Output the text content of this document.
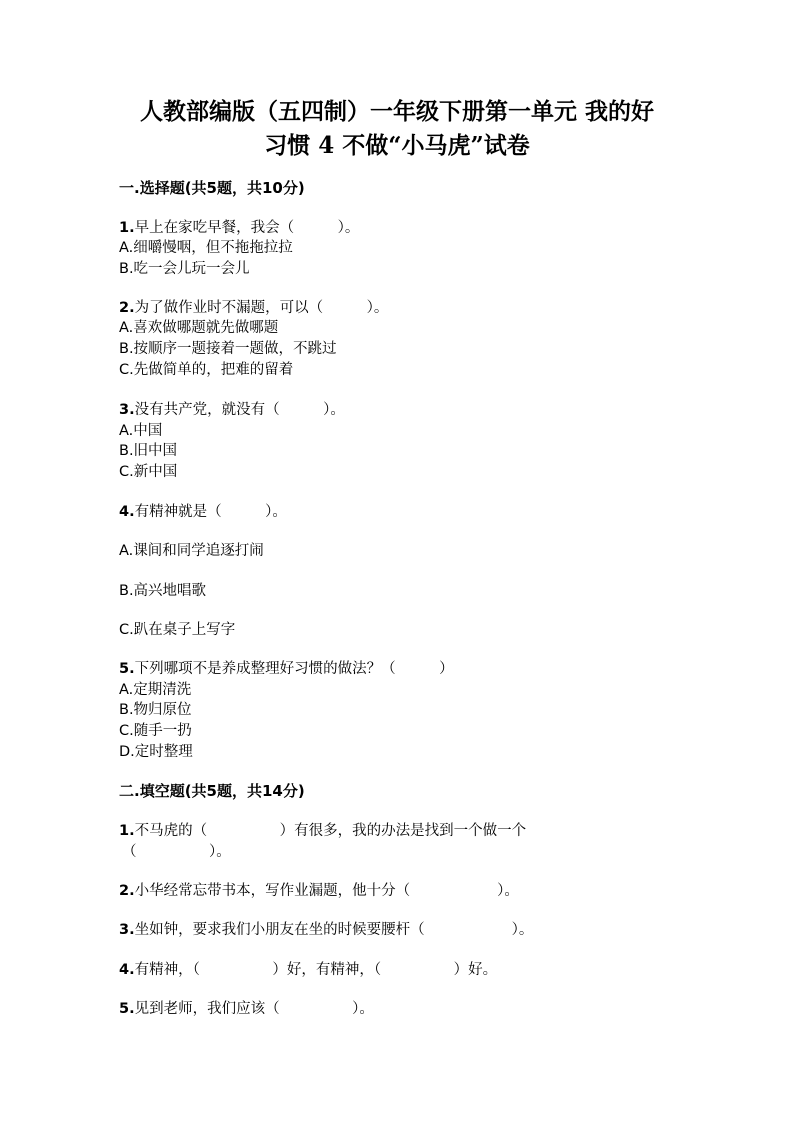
人教部编版（五四制）一年级下册第一单元 我的好
习惯 4 不做“小马虎”试卷
一.选择题(共5题，共10分)
1.早上在家吃早餐，我会（　　　）。
A.细嚼慢咽，但不拖拖拉拉
B.吃一会儿玩一会儿
2.为了做作业时不漏题，可以（　　　）。
A.喜欢做哪题就先做哪题
B.按顺序一题接着一题做，不跳过
C.先做简单的，把难的留着
3.没有共产党，就没有（　　　）。
A.中国
B.旧中国
C.新中国
4.有精神就是（　　　）。
A.课间和同学追逐打闹
B.高兴地唱歌
C.趴在桌子上写字
5.下列哪项不是养成整理好习惯的做法？（　　　）
A.定期清洗
B.物归原位
C.随手一扔
D.定时整理
二.填空题(共5题，共14分)
1.不马虎的（　　　　　）有很多，我的办法是找到一个做一个
（　　　　　）。
2.小华经常忘带书本，写作业漏题，他十分（　　　　　　）。
3.坐如钟，要求我们小朋友在坐的时候要腰杆（　　　　　　）。
4.有精神，（　　　　　）好，有精神，（　　　　　）好。
5.见到老师，我们应该（　　　　　）。
